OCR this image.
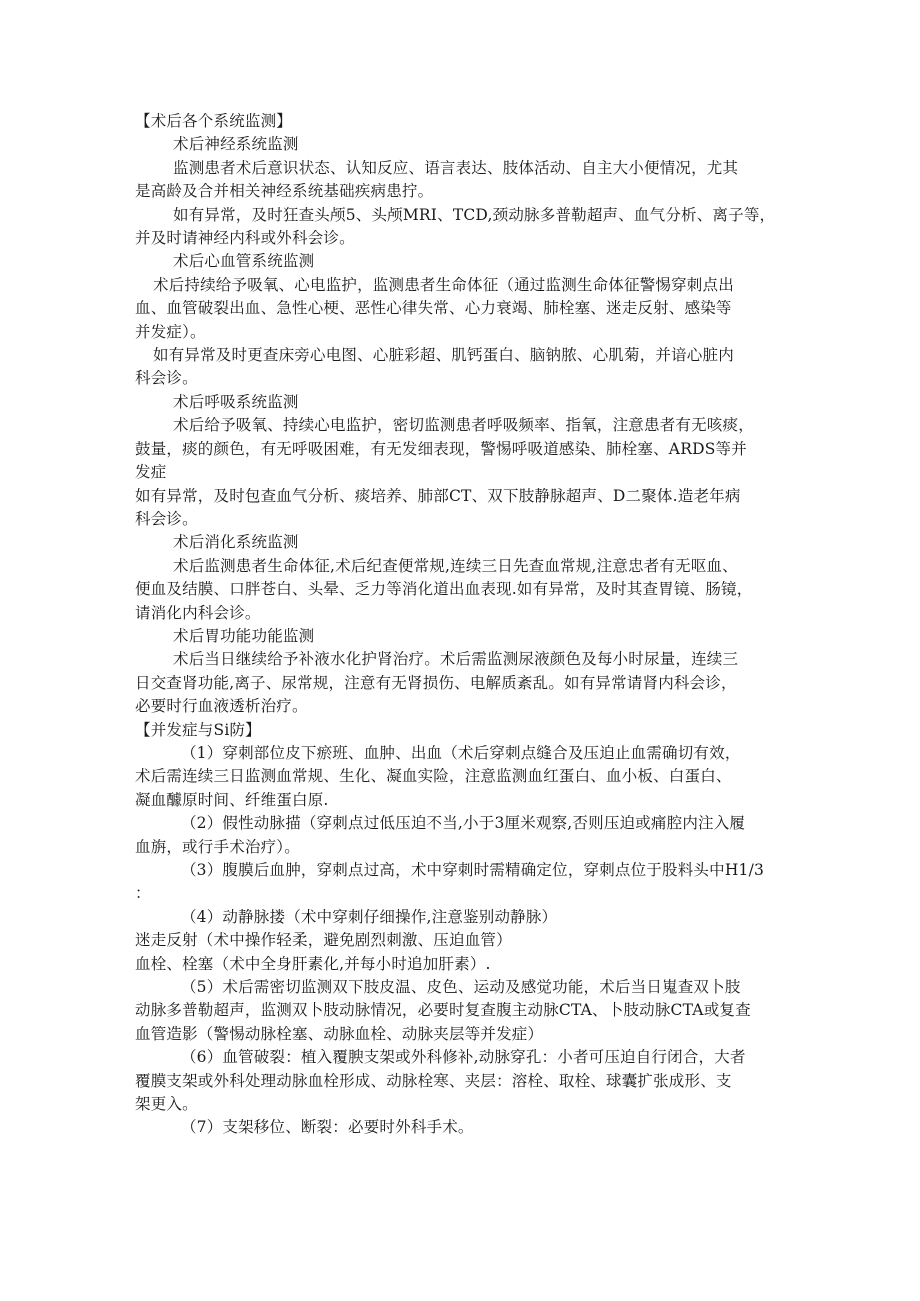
【术后各个系统监测】
术后神经系统监测
监测患者术后意识状态、认知反应、语言表达、肢体活动、自主大小便情况，尤其
是高龄及合并相关神经系统基础疾病患拧。
如有异常，及时狂查头颅5、头颅MRI、TCD,颈动脉多普勒超声、血气分析、离子等，
并及时请神经内科或外科会诊。
术后心血管系统监测
术后持续给予吸氧、心电监护，监测患者生命体征（通过监测生命体征警惕穿刺点出
血、血管破裂出血、急性心梗、恶性心律失常、心力衰竭、肺栓塞、迷走反射、感染等
并发症）。
如有异常及时更查床旁心电图、心脏彩超、肌钙蛋白、脑钠脓、心肌菊，并谙心脏内
科会诊。
术后呼吸系统监测
术后给予吸氧、持续心电监护，密切监测患者呼吸频率、指氧，注意患者有无咳痰，
鼓量，痰的颜色，有无呼吸困难，有无发细表现，警惕呼吸道感染、肺栓塞、ARDS等并
发症
如有异常，及时包查血气分析、痰培养、肺部CT、双下肢静脉超声、D二聚体.造老年病
科会诊。
术后消化系统监测
术后监测患者生命体征,术后纪查便常规,连续三日先查血常规,注意忠者有无呕血、
便血及结膜、口胖苍白、头晕、乏力等消化道出血表现.如有异常，及时其查胃镜、肠镜，
请消化内科会诊。
术后胃功能功能监测
术后当日继续给予补液水化护肾治疗。术后需监测尿液颜色及每小时尿量，连续三
日交查肾功能,离子、尿常规，注意有无肾损伤、电解质紊乱。如有异常请肾内科会诊，
必要时行血液透析治疗。
【并发症与Si防】
　（1）穿刺部位皮下瘀班、血肿、出血（术后穿刺点缝合及压迫止血需确切有效，
术后需连续三日监测血常规、生化、凝血实险，注意监测血红蛋白、血小板、白蛋白、
凝血醵原时间、纤维蛋白原.
　（2）假性动脉描（穿刺点过低压迫不当,小于3厘米观察,否则压迫或痛腔内注入履
血旃，或行手术治疗）。
　（3）腹膜后血肿，穿刺点过高，术中穿刺时需精确定位，穿刺点位于股料头中H1/3
：
　（4）动静脉搂（术中穿刺仔细操作,注意鉴别动静脉）
迷走反射（术中操作轻柔，避免剧烈刺激、压迫血管）
血栓、栓塞（术中全身肝素化,并每小时追加肝素）.
　（5）术后需密切监测双下肢皮温、皮色、运动及感觉功能，术后当日嵬查双卜肢
动脉多普勒超声，监测双卜肢动脉情况，必要时复查腹主动脉CTA、卜肢动脉CTA或复查
血管造影（警惕动脉栓塞、动脉血栓、动脉夹层等并发症）
　（6）血管破裂：植入覆腴支架或外科修补,动脉穿孔：小者可压迫自行闭合，大者
覆膜支架或外科处理动脉血栓形成、动脉栓寒、夹层：溶栓、取栓、球囊扩张成形、支
架更入。
　（7）支架移位、断裂：必要时外科手术。
